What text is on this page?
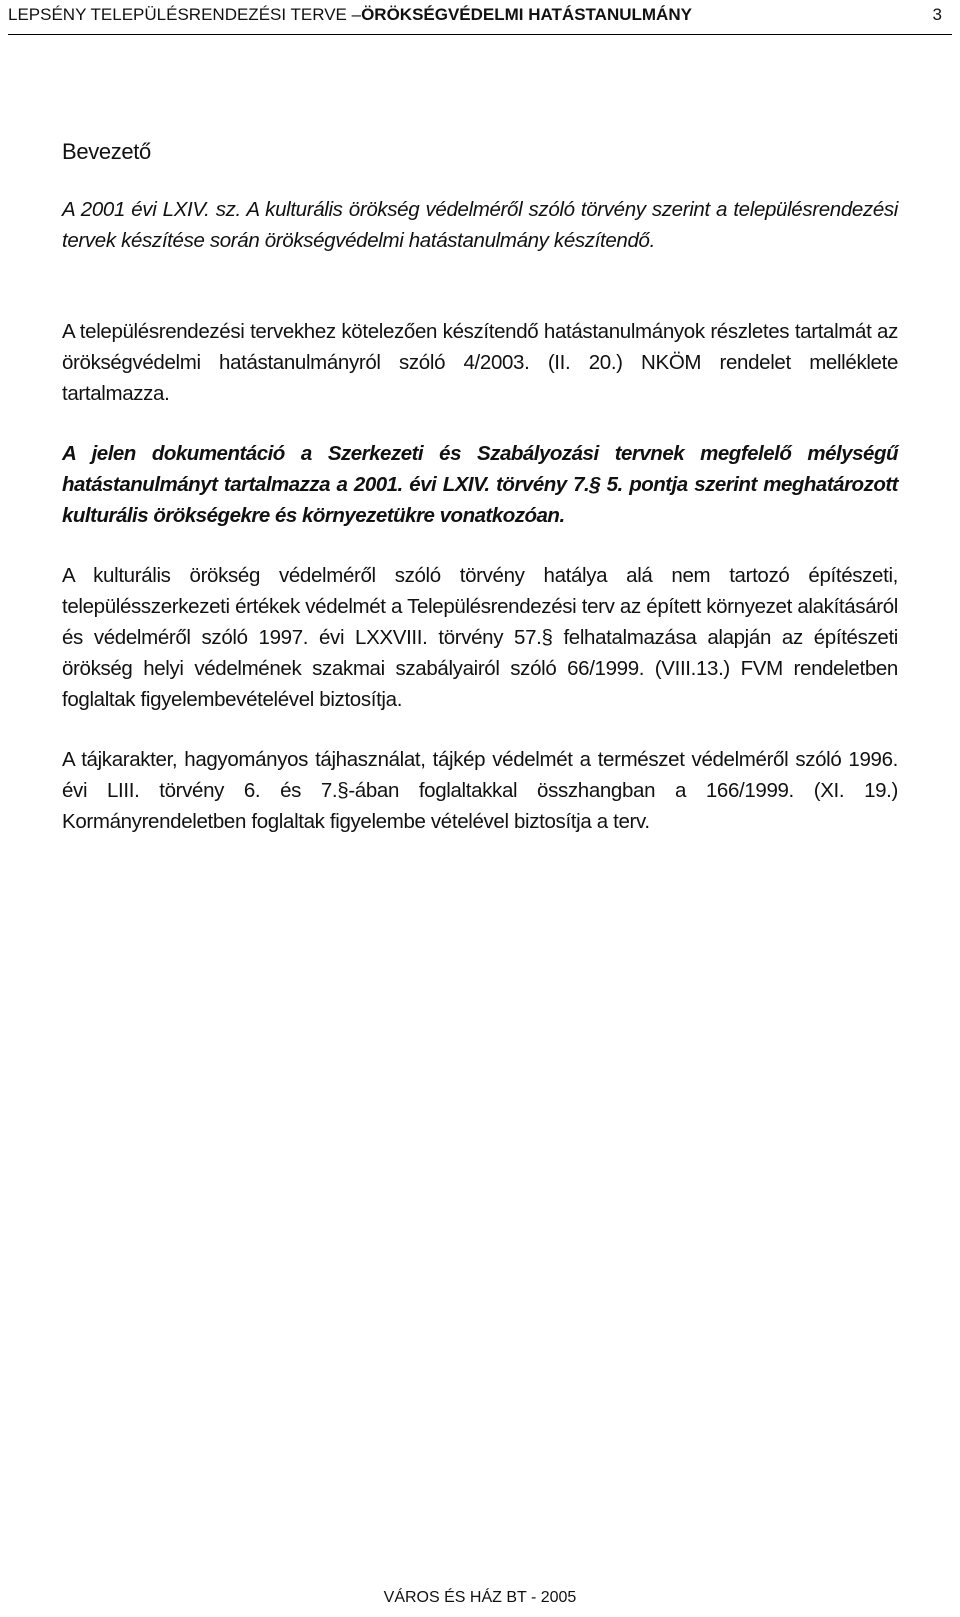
LEPSÉNY TELEPÜLÉSRENDEZÉSI TERVE –ÖRÖKSÉGVÉDELMI HATÁSTANULMÁNY	3
Bevezető

A 2001 évi LXIV. sz. A kulturális örökség védelméről szóló törvény szerint a településrendezési tervek készítése során örökségvédelmi hatástanulmány készítendő.

A településrendezési tervekhez kötelezően készítendő hatástanulmányok részletes tartalmát az örökségvédelmi hatástanulmányról szóló 4/2003. (II. 20.) NKÖM rendelet melléklete tartalmazza.

A jelen dokumentáció a Szerkezeti és Szabályozási tervnek megfelelő mélységű hatástanulmányt tartalmazza a 2001. évi LXIV. törvény 7.§ 5. pontja szerint meghatározott kulturális örökségekre és környezetükre vonatkozóan.

A kulturális örökség védelméről szóló törvény hatálya alá nem tartozó építészeti, településszerkezeti értékek védelmét a Településrendezési terv az épített környezet alakításáról és védelméről szóló 1997. évi LXXVIII. törvény 57.§ felhatalmazása alapján az építészeti örökség helyi védelmének szakmai szabályairól szóló 66/1999. (VIII.13.) FVM rendeletben foglaltak figyelembevételével biztosítja.

A tájkarakter, hagyományos tájhasználat, tájkép védelmét a természet védelméről szóló 1996. évi LIII. törvény 6. és 7.§-ában foglaltakkal összhangban a 166/1999. (XI. 19.) Kormányrendeletben foglaltak figyelembe vételével biztosítja a terv.

VÁROS ÉS HÁZ BT - 2005
